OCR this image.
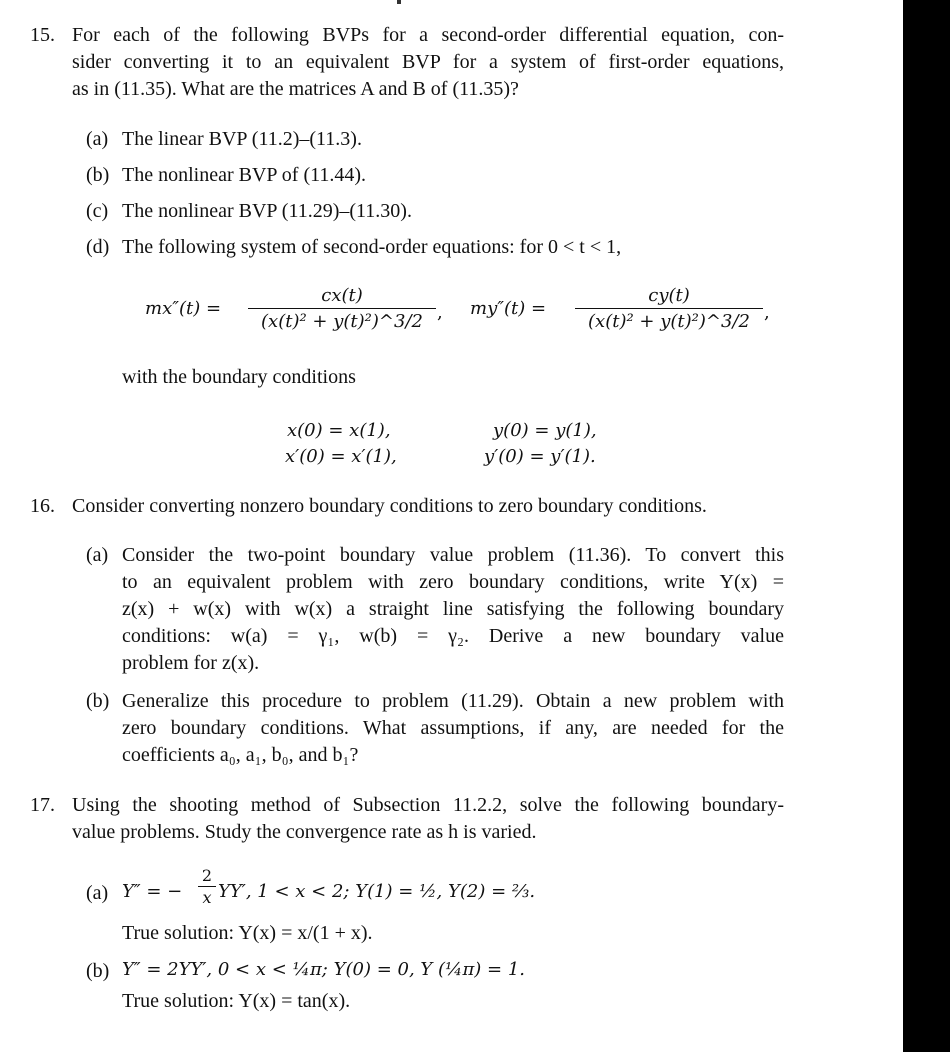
15. For each of the following BVPs for a second-order differential equation, con-
sider converting it to an equivalent BVP for a system of first-order equations,
as in (11.35). What are the matrices A and B of (11.35)?
(a) The linear BVP (11.2)–(11.3).
(b) The nonlinear BVP of (11.44).
(c) The nonlinear BVP (11.29)–(11.30).
(d) The following system of second-order equations: for 0 < t < 1,
$mx''(t) = \frac{cx(t)}{\text{(x(t)² + y(t)²)\textasciicircum{}3/2}}$ , $my''(t) = \frac{cy(t)}{\text{(x(t)² + y(t)²)\textasciicircum{}3/2}}$ ,
with the boundary conditions
x(0) = x(1),	y(0) = y(1),
x′(0) = x′(1),	y′(0) = y′(1).
16. Consider converting nonzero boundary conditions to zero boundary conditions.
(a) Consider the two-point boundary value problem (11.36). To convert this
to an equivalent problem with zero boundary conditions, write Y(x) =
z(x) + w(x) with w(x) a straight line satisfying the following boundary
conditions: w(a) = γ₁, w(b) = γ₂. Derive a new boundary value
problem for z(x).
(b) Generalize this procedure to problem (11.29). Obtain a new problem with
zero boundary conditions. What assumptions, if any, are needed for the
coefficients a₀, a₁, b₀, and b₁?
17. Using the shooting method of Subsection 11.2.2, solve the following boundary-
value problems. Study the convergence rate as h is varied.
(a) Y″ = − $\frac{2}{x} YY'$, 1 < x < 2; Y(1) = ½, Y(2) = ⅔.
True solution: Y(x) = x/(1 + x).
(b) Y″ = 2YY′, 0 < x < ¼π; Y(0) = 0, Y (¼π) = 1.
True solution: Y(x) = tan(x).
